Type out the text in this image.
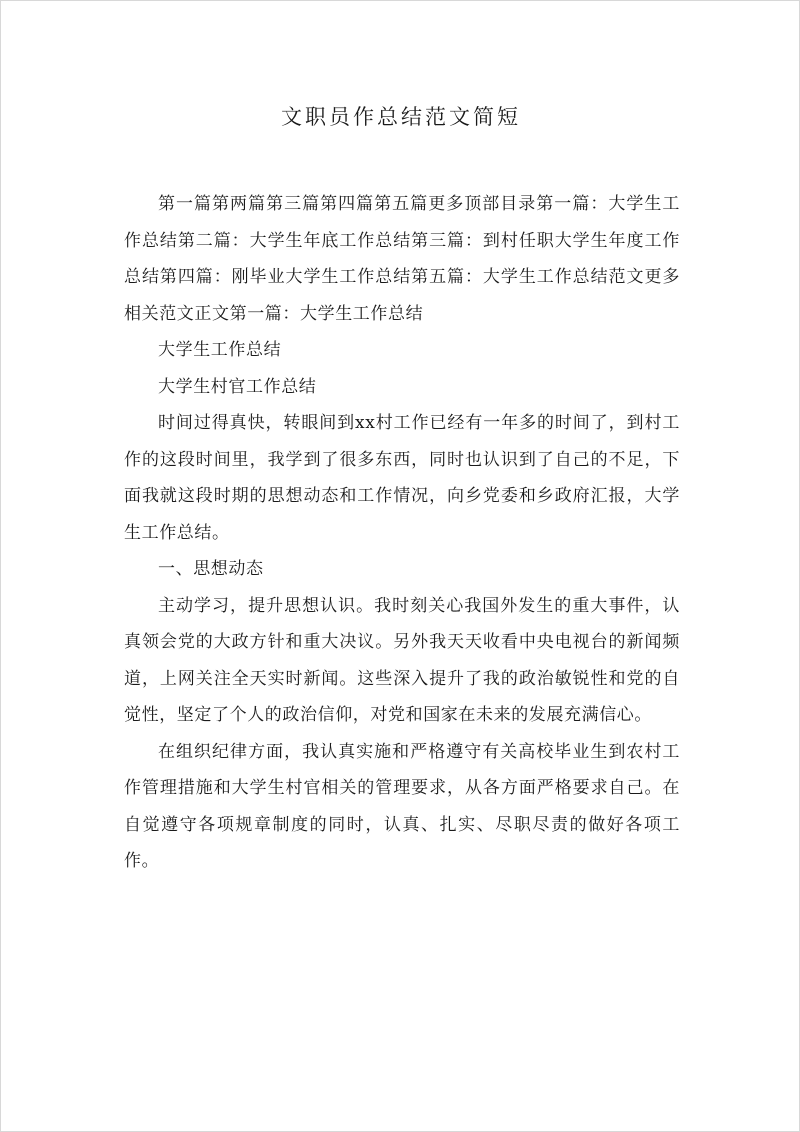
文职员作总结范文简短

第一篇第两篇第三篇第四篇第五篇更多顶部目录第一篇：大学生工作总结第二篇：大学生年底工作总结第三篇：到村任职大学生年度工作总结第四篇：刚毕业大学生工作总结第五篇：大学生工作总结范文更多相关范文正文第一篇：大学生工作总结

大学生工作总结

大学生村官工作总结

时间过得真快，转眼间到xx村工作已经有一年多的时间了，到村工作的这段时间里，我学到了很多东西，同时也认识到了自己的不足，下面我就这段时期的思想动态和工作情况，向乡党委和乡政府汇报，大学生工作总结。

一、思想动态

主动学习，提升思想认识。我时刻关心我国外发生的重大事件，认真领会党的大政方针和重大决议。另外我天天收看中央电视台的新闻频道，上网关注全天实时新闻。这些深入提升了我的政治敏锐性和党的自觉性，坚定了个人的政治信仰，对党和国家在未来的发展充满信心。

在组织纪律方面，我认真实施和严格遵守有关高校毕业生到农村工作管理措施和大学生村官相关的管理要求，从各方面严格要求自己。在自觉遵守各项规章制度的同时，认真、扎实、尽职尽责的做好各项工作。
